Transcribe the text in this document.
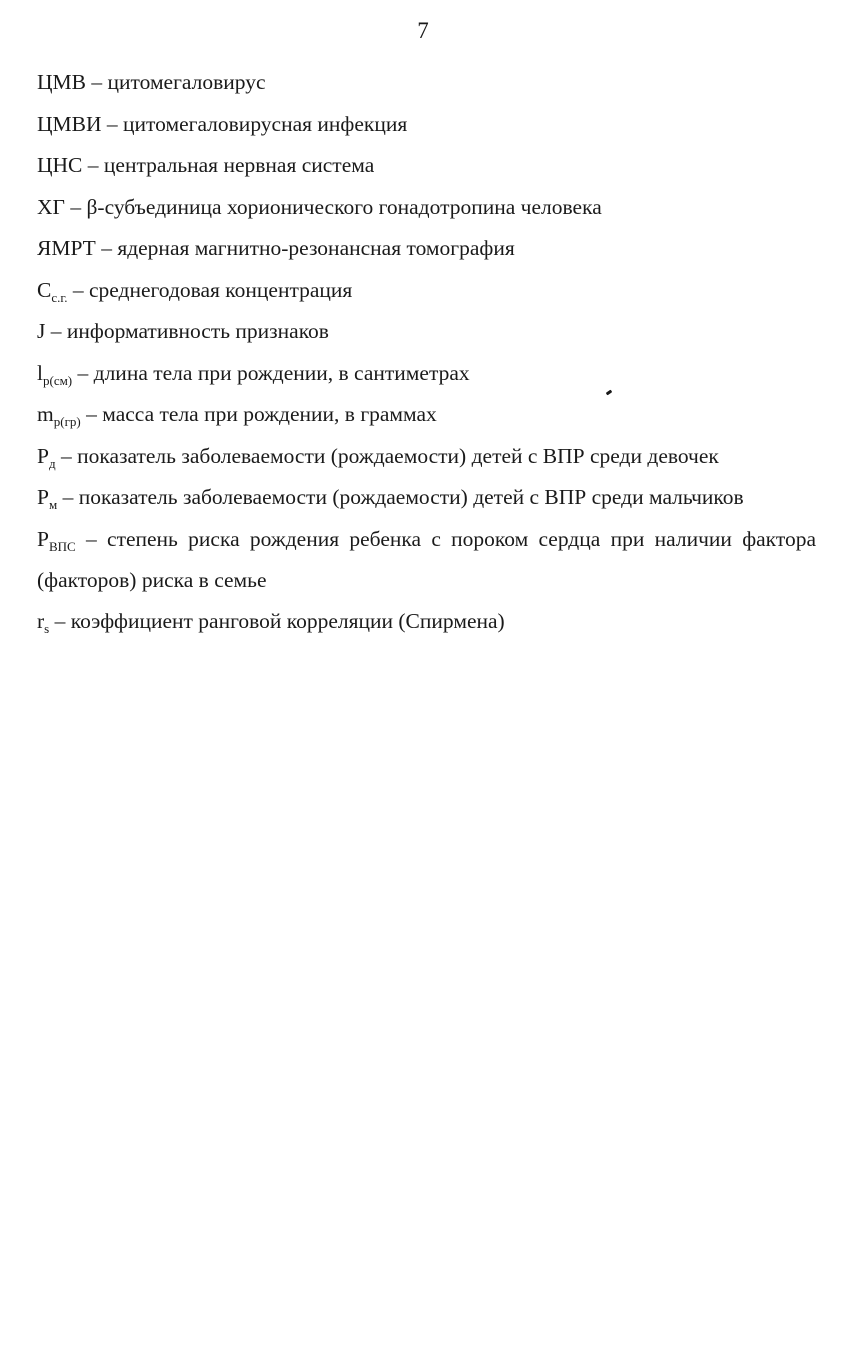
7
ЦМВ – цитомегаловирус
ЦМВИ – цитомегаловирусная инфекция
ЦНС – центральная нервная система
ХГ – β-субъединица хорионического гонадотропина человека
ЯМРТ – ядерная магнитно-резонансная томография
$С_{с.г.}$ – среднегодовая концентрация
J – информативность признаков
$l_{р(см)}$ – длина тела при рождении, в сантиметрах
$m_{р(гр)}$ – масса тела при рождении, в граммах
$Р_д$ – показатель заболеваемости (рождаемости) детей с ВПР среди девочек
$Р_м$ – показатель заболеваемости (рождаемости) детей с ВПР среди мальчиков
$Р_{ВПС}$ – степень риска рождения ребенка с пороком сердца при наличии фактора (факторов) риска в семье
$r_s$ – коэффициент ранговой корреляции (Спирмена)
